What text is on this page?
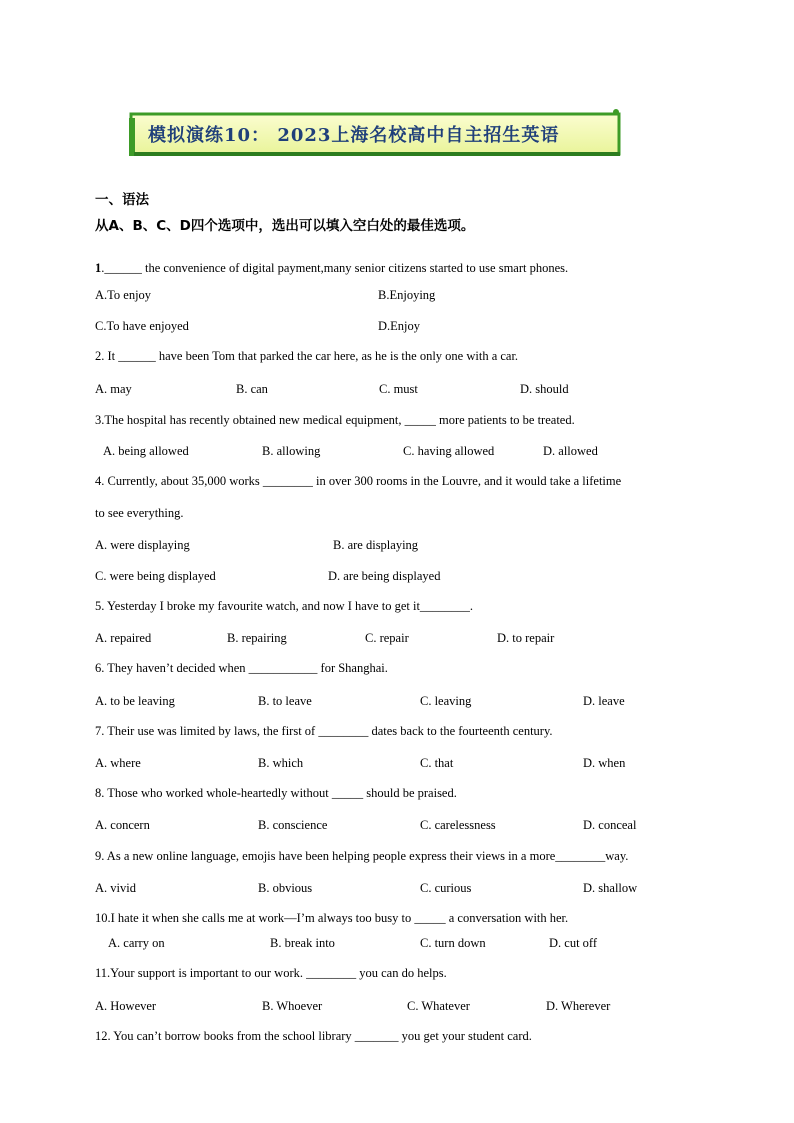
模拟演练10： 2023上海名校高中自主招生英语
一、语法
从A、B、C、D四个选项中，选出可以填入空白处的最佳选项。
1.______ the convenience of digital payment,many senior citizens started to use smart phones.
A.To enjoy	B.Enjoying
C.To have enjoyed	D.Enjoy
2. It ______ have been Tom that parked the car here, as he is the only one with a car.
A. may	B. can	C. must	D. should
3.The hospital has recently obtained new medical equipment, _____ more patients to be treated.
A. being allowed	B. allowing	C. having allowed	D. allowed
4. Currently, about 35,000 works ________ in over 300 rooms in the Louvre, and it would take a lifetime
to see everything.
A. were displaying	B. are displaying
C. were being displayed	D. are being displayed
5. Yesterday I broke my favourite watch, and now I have to get it________.
A. repaired	B. repairing	C. repair	D. to repair
6. They haven’t decided when ___________ for Shanghai.
A. to be leaving	B. to leave	C. leaving	D. leave
7. Their use was limited by laws, the first of ________ dates back to the fourteenth century.
A. where	B. which	C. that	D. when
8. Those who worked whole-heartedly without _____ should be praised.
A. concern	B. conscience	C. carelessness	D. conceal
9. As a new online language, emojis have been helping people express their views in a more________way.
A. vivid	B. obvious	C. curious	D. shallow
10.I hate it when she calls me at work—I’m always too busy to _____ a conversation with her.
A. carry on	B. break into	C. turn down	D. cut off
11.Your support is important to our work. ________ you can do helps.
A. However	B. Whoever	C. Whatever	D. Wherever
12. You can’t borrow books from the school library _______ you get your student card.
